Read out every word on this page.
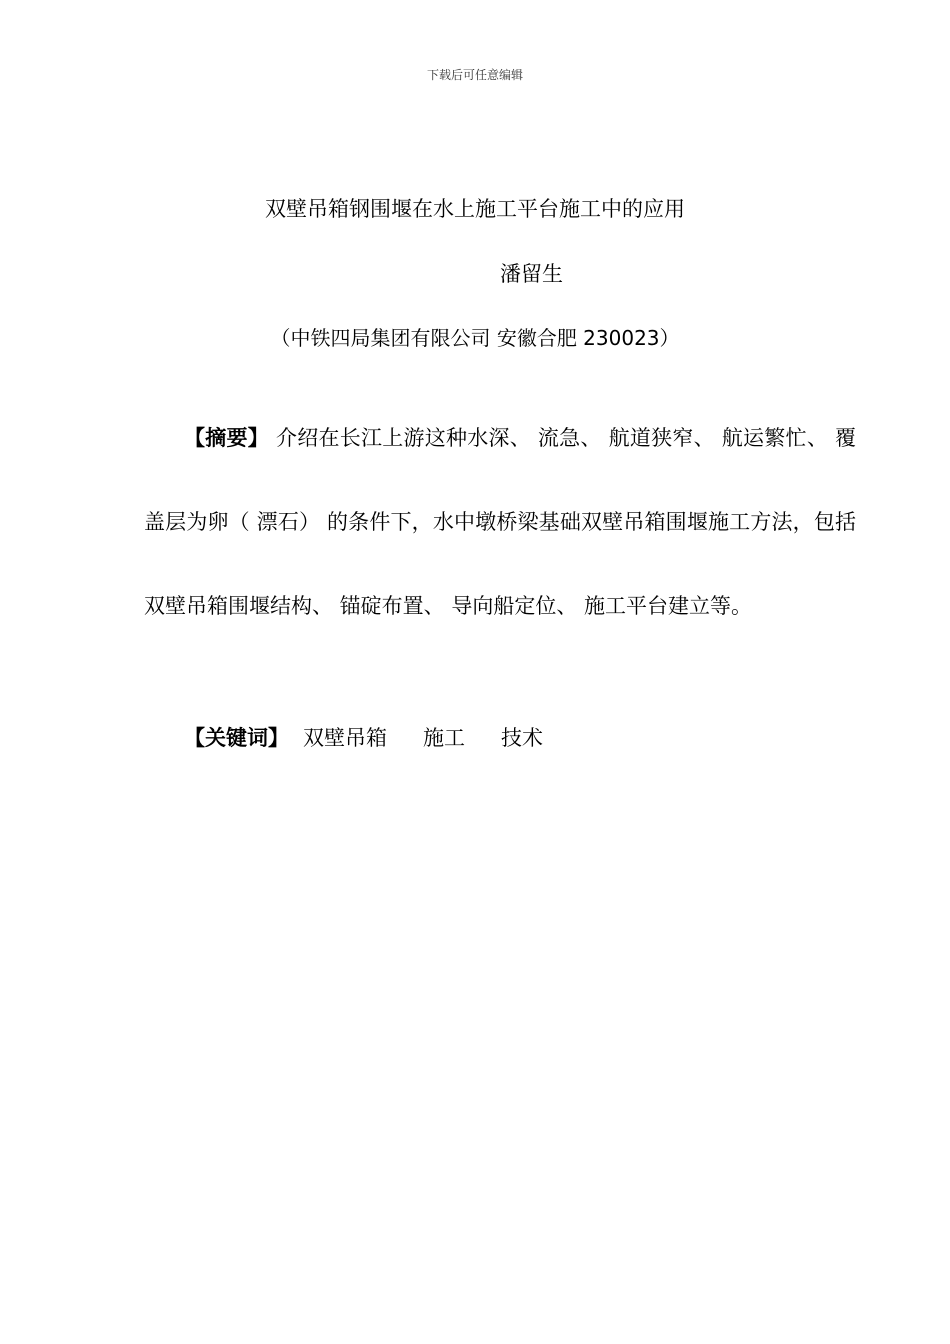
下载后可任意编辑
双壁吊箱钢围堰在水上施工平台施工中的应用
潘留生
（中铁四局集团有限公司 安徽合肥 230023）

【摘要】 介绍在长江上游这种水深、 流急、 航道狭窄、 航运繁忙、 覆盖层为卵（ 漂石） 的条件下，水中墩桥梁基础双壁吊箱围堰施工方法，包括双壁吊箱围堰结构、 锚碇布置、 导向船定位、 施工平台建立等。

【关键词】 双壁吊箱 施工 技术
